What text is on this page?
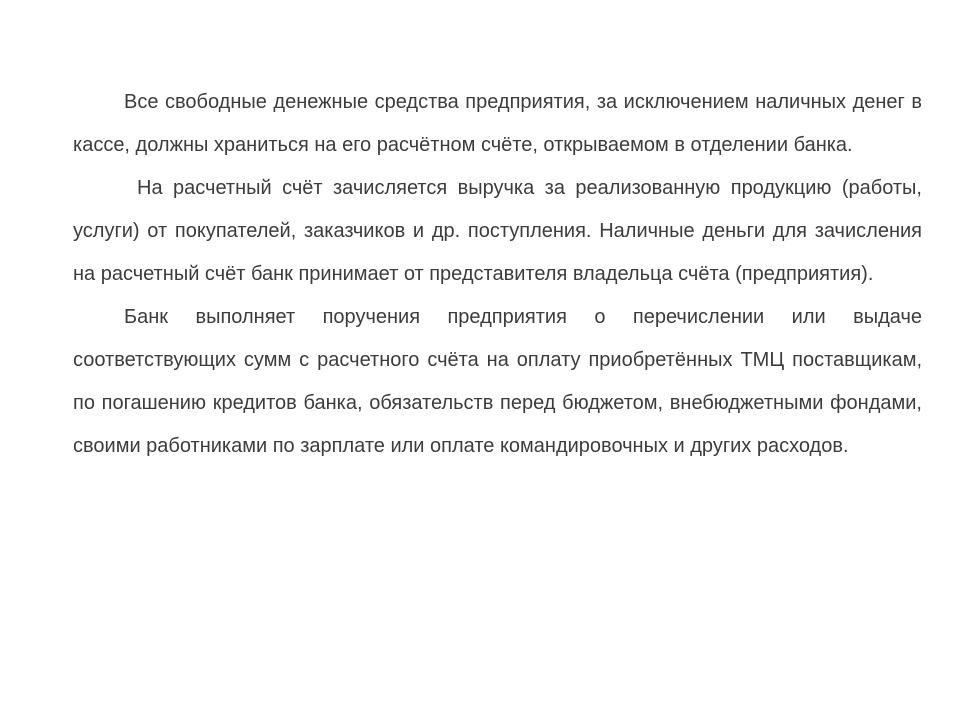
Все свободные денежные средства предприятия, за исключением наличных денег в кассе, должны храниться на его расчётном счёте, открываемом в отделении банка.

На расчетный счёт зачисляется выручка за реализованную продукцию (работы, услуги) от покупателей, заказчиков и др. поступления. Наличные деньги для зачисления на расчетный счёт банк принимает от представителя владельца счёта (предприятия).

Банк выполняет поручения предприятия о перечислении или выдаче соответствующих сумм с расчетного счёта на оплату приобретённых ТМЦ поставщикам, по погашению кредитов банка, обязательств перед бюджетом, внебюджетными фондами, своими работниками по зарплате или оплате командировочных и других расходов.
